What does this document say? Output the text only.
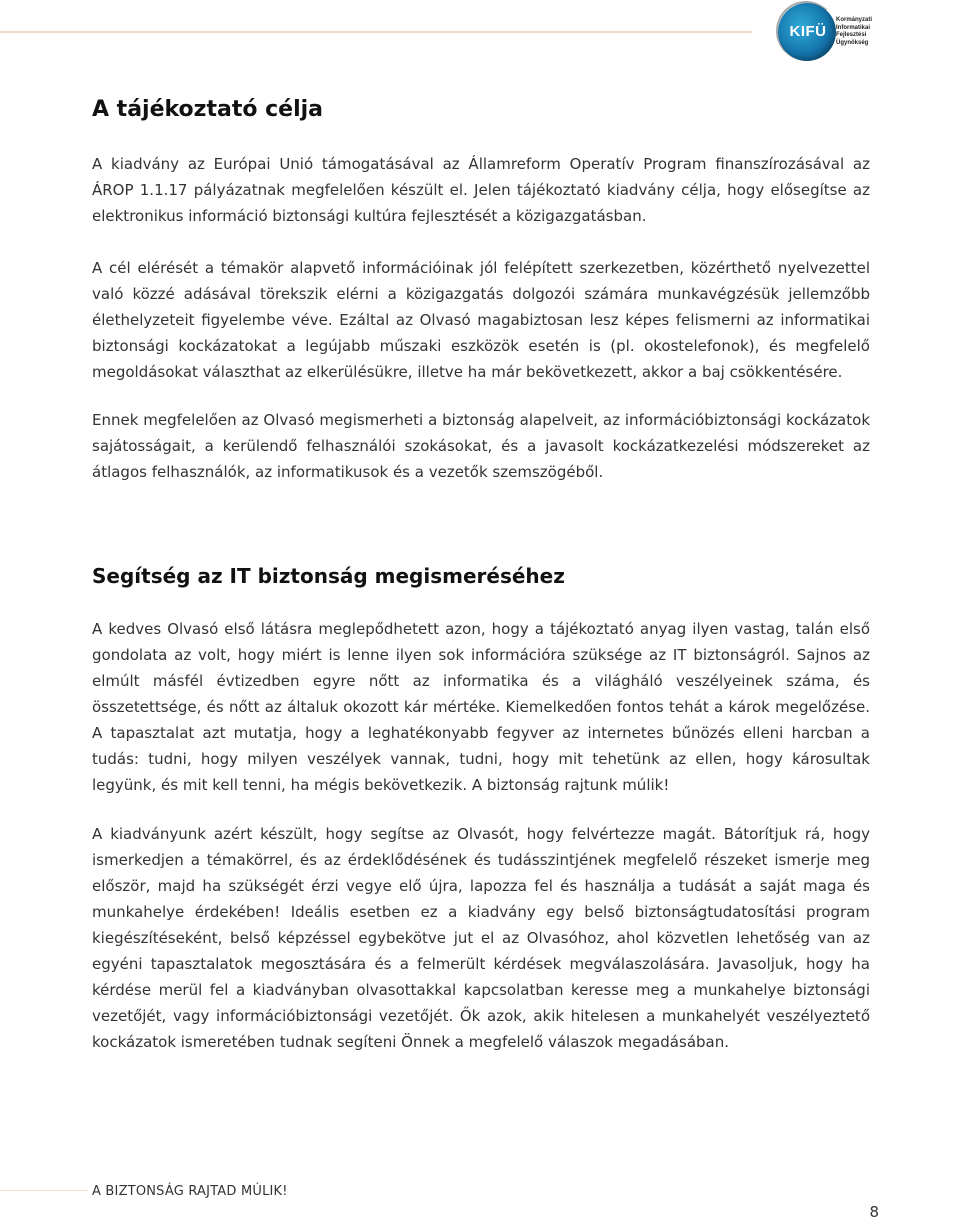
KIFÜ
Kormányzati
Informatikai
Fejlesztési
Ügynökség
A tájékoztató célja

A kiadvány az Európai Unió támogatásával az Államreform Operatív Program finanszírozásával az ÁROP 1.1.17 pályázatnak megfelelően készült el. Jelen tájékoztató kiadvány célja, hogy elősegítse az elektronikus információ biztonsági kultúra fejlesztését a közigazgatásban.

A cél elérését a témakör alapvető információinak jól felépített szerkezetben, közérthető nyelvezettel való közzé adásával törekszik elérni a közigazgatás dolgozói számára munkavégzésük jellemzőbb élethelyzeteit figyelembe véve. Ezáltal az Olvasó magabiztosan lesz képes felismerni az informatikai biztonsági kockázatokat a legújabb műszaki eszközök esetén is (pl. okostelefonok), és megfelelő megoldásokat választhat az elkerülésükre, illetve ha már bekövetkezett, akkor a baj csökkentésére.

Ennek megfelelően az Olvasó megismerheti a biztonság alapelveit, az információbiztonsági kockázatok sajátosságait, a kerülendő felhasználói szokásokat, és a javasolt kockázatkezelési módszereket az átlagos felhasználók, az informatikusok és a vezetők szemszögéből.

Segítség az IT biztonság megismeréséhez

A kedves Olvasó első látásra meglepődhetett azon, hogy a tájékoztató anyag ilyen vastag, talán első gondolata az volt, hogy miért is lenne ilyen sok információra szüksége az IT biztonságról. Sajnos az elmúlt másfél évtizedben egyre nőtt az informatika és a világháló veszélyeinek száma, és összetettsége, és nőtt az általuk okozott kár mértéke. Kiemelkedően fontos tehát a károk megelőzése. A tapasztalat azt mutatja, hogy a leghatékonyabb fegyver az internetes bűnözés elleni harcban a tudás: tudni, hogy milyen veszélyek vannak, tudni, hogy mit tehetünk az ellen, hogy károsultak legyünk, és mit kell tenni, ha mégis bekövetkezik. A biztonság rajtunk múlik!

A kiadványunk azért készült, hogy segítse az Olvasót, hogy felvértezze magát. Bátorítjuk rá, hogy ismerkedjen a témakörrel, és az érdeklődésének és tudásszintjének megfelelő részeket ismerje meg először, majd ha szükségét érzi vegye elő újra, lapozza fel és használja a tudását a saját maga és munkahelye érdekében! Ideális esetben ez a kiadvány egy belső biztonságtudatosítási program kiegészítéseként, belső képzéssel egybekötve jut el az Olvasóhoz, ahol közvetlen lehetőség van az egyéni tapasztalatok megosztására és a felmerült kérdések megválaszolására. Javasoljuk, hogy ha kérdése merül fel a kiadványban olvasottakkal kapcsolatban keresse meg a munkahelye biztonsági vezetőjét, vagy információbiztonsági vezetőjét. Ők azok, akik hitelesen a munkahelyét veszélyeztető kockázatok ismeretében tudnak segíteni Önnek a megfelelő válaszok megadásában.

A BIZTONSÁG RAJTAD MÚLIK!
8
